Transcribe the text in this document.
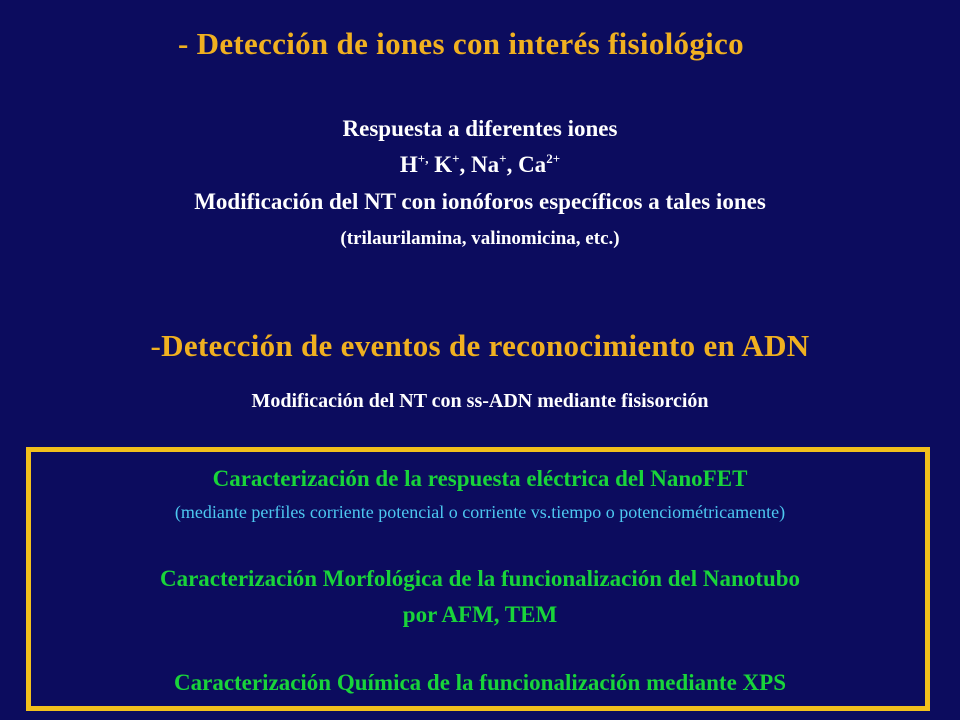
- Detección de iones con interés fisiológico
Respuesta a diferentes iones
H+, K+, Na+, $Ca^{2+}$
Modificación del NT con ionóforos específicos a tales iones
(trilaurilamina, valinomicina, etc.)
-Detección de eventos de reconocimiento en ADN
Modificación del NT con ss-ADN mediante fisisorción
Caracterización de la respuesta eléctrica del NanoFET
(mediante perfiles corriente potencial o corriente vs.tiempo o potenciométricamente)
Caracterización Morfológica de la funcionalización del Nanotubo
por AFM, TEM
Caracterización Química de la funcionalización mediante XPS
